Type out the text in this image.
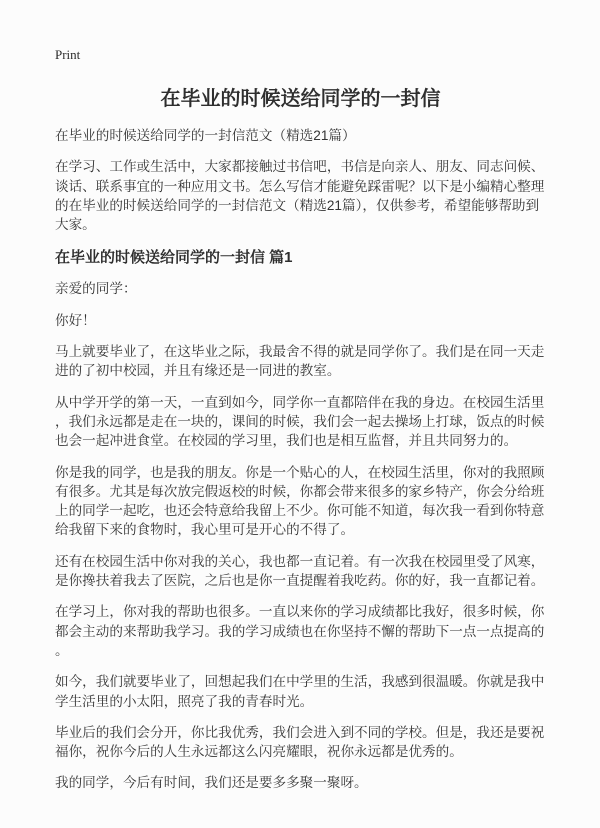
Print
在毕业的时候送给同学的一封信
在毕业的时候送给同学的一封信范文（精选21篇）
在学习、工作或生活中，大家都接触过书信吧，书信是向亲人、朋友、同志问候、谈话、联系事宜的一种应用文书。怎么写信才能避免踩雷呢？以下是小编精心整理的在毕业的时候送给同学的一封信范文（精选21篇），仅供参考，希望能够帮助到大家。
在毕业的时候送给同学的一封信 篇1
亲爱的同学：
你好！

马上就要毕业了，在这毕业之际，我最舍不得的就是同学你了。我们是在同一天走进的了初中校园，并且有缘还是一同进的教室。

从中学开学的第一天，一直到如今，同学你一直都陪伴在我的身边。在校园生活里，我们永远都是走在一块的，课间的时候，我们会一起去操场上打球，饭点的时候也会一起冲进食堂。在校园的学习里，我们也是相互监督，并且共同努力的。

你是我的同学，也是我的朋友。你是一个贴心的人，在校园生活里，你对的我照顾有很多。尤其是每次放完假返校的时候，你都会带来很多的家乡特产，你会分给班上的同学一起吃，也还会特意给我留上不少。你可能不知道，每次我一看到你特意给我留下来的食物时，我心里可是开心的不得了。

还有在校园生活中你对我的关心，我也都一直记着。有一次我在校园里受了风寒，是你搀扶着我去了医院，之后也是你一直提醒着我吃药。你的好，我一直都记着。

在学习上，你对我的帮助也很多。一直以来你的学习成绩都比我好，很多时候，你都会主动的来帮助我学习。我的学习成绩也在你坚持不懈的帮助下一点一点提高的。

如今，我们就要毕业了，回想起我们在中学里的生活，我感到很温暖。你就是我中学生活里的小太阳，照亮了我的青春时光。

毕业后的我们会分开，你比我优秀，我们会进入到不同的学校。但是，我还是要祝福你，祝你今后的人生永远都这么闪亮耀眼，祝你永远都是优秀的。

我的同学，今后有时间，我们还是要多多聚一聚呀。
